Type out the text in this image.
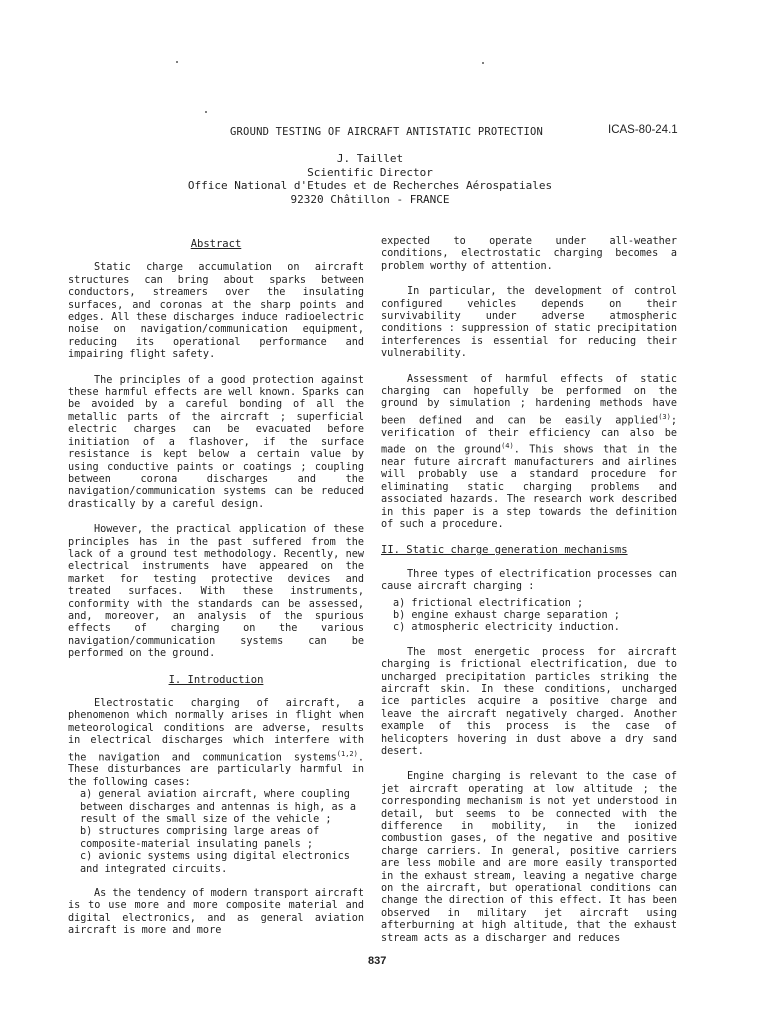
GROUND TESTING OF AIRCRAFT ANTISTATIC PROTECTION	ICAS-80-24.1
J. Taillet
Scientific Director
Office National d'Etudes et de Recherches Aérospatiales
92320 Châtillon - FRANCE
Abstract

Static charge accumulation on aircraft structures can bring about sparks between conductors, streamers over the insulating surfaces, and coronas at the sharp points and edges. All these discharges induce radioelectric noise on navigation/communication equipment, reducing its operational performance and impairing flight safety.

The principles of a good protection against these harmful effects are well known. Sparks can be avoided by a careful bonding of all the metallic parts of the aircraft ; superficial electric charges can be evacuated before initiation of a flashover, if the surface resistance is kept below a certain value by using conductive paints or coatings ; coupling between corona discharges and the navigation/communication systems can be reduced drastically by a careful design.

However, the practical application of these principles has in the past suffered from the lack of a ground test methodology. Recently, new electrical instruments have appeared on the market for testing protective devices and treated surfaces. With these instruments, conformity with the standards can be assessed, and, moreover, an analysis of the spurious effects of charging on the various navigation/communication systems can be performed on the ground.

I. Introduction

Electrostatic charging of aircraft, a phenomenon which normally arises in flight when meteorological conditions are adverse, results in electrical discharges which interfere with the navigation and communication systems$^{(1,2)}$. These disturbances are particularly harmful in the following cases:

a) general aviation aircraft, where coupling between discharges and antennas is high, as a result of the small size of the vehicle ;
b) structures comprising large areas of composite-material insulating panels ;
c) avionic systems using digital electronics and integrated circuits.

As the tendency of modern transport aircraft is to use more and more composite material and digital electronics, and as general aviation aircraft is more and more

expected to operate under all-weather conditions, electrostatic charging becomes a problem worthy of attention.

In particular, the development of control configured vehicles depends on their survivability under adverse atmospheric conditions : suppression of static precipitation interferences is essential for reducing their vulnerability.

Assessment of harmful effects of static charging can hopefully be performed on the ground by simulation ; hardening methods have been defined and can be easily applied$^{(3)}$; verification of their efficiency can also be made on the ground$^{(4)}$. This shows that in the near future aircraft manufacturers and airlines will probably use a standard procedure for eliminating static charging problems and associated hazards. The research work described in this paper is a step towards the definition of such a procedure.

II. Static charge generation mechanisms

Three types of electrification processes can cause aircraft charging :

a) frictional electrification ;
b) engine exhaust charge separation ;
c) atmospheric electricity induction.

The most energetic process for aircraft charging is frictional electrification, due to uncharged precipitation particles striking the aircraft skin. In these conditions, uncharged ice particles acquire a positive charge and leave the aircraft negatively charged. Another example of this process is the case of helicopters hovering in dust above a dry sand desert.

Engine charging is relevant to the case of jet aircraft operating at low altitude ; the corresponding mechanism is not yet understood in detail, but seems to be connected with the difference in mobility, in the ionized combustion gases, of the negative and positive charge carriers. In general, positive carriers are less mobile and are more easily transported in the exhaust stream, leaving a negative charge on the aircraft, but operational conditions can change the direction of this effect. It has been observed in military jet aircraft using afterburning at high altitude, that the exhaust stream acts as a discharger and reduces

837
